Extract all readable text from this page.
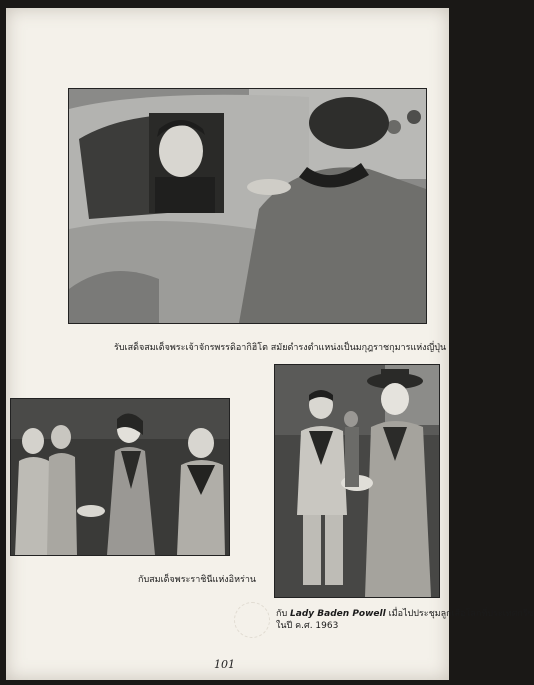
รับเสด็จสมเด็จพระเจ้าจักรพรรดิอากิฮิโต สมัยดำรงตำแหน่งเป็นมกุฎราชกุมารแห่งญี่ปุ่น
กับสมเด็จพระราชินีแห่งอิหร่าน
กับ Lady Baden Powell เมื่อไปประชุมลูกเสือโลกที่ประเทศกรีซ
ในปี ค.ศ. 1963
101
